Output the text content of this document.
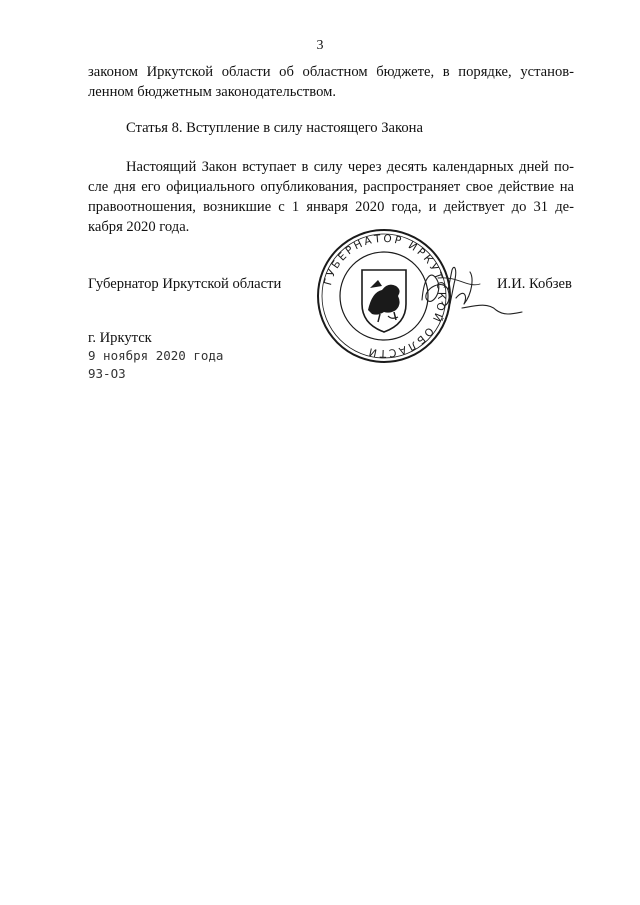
3
законом Иркутской области об областном бюджете, в порядке, установ-
ленном бюджетным законодательством.
Статья 8. Вступление в силу настоящего Закона
Настоящий Закон вступает в силу через десять календарных дней по-
сле дня его официального опубликования, распространяет свое действие на
правоотношения, возникшие с 1 января 2020 года, и действует до 31 де-
кабря 2020 года.
Губернатор Иркутской области	ГУБЕРНАТОР ИРКУТСКОЙ ОБЛАСТИ
И.И. Кобзев
г. Иркутск
9 ноября 2020 года
93-ОЗ
